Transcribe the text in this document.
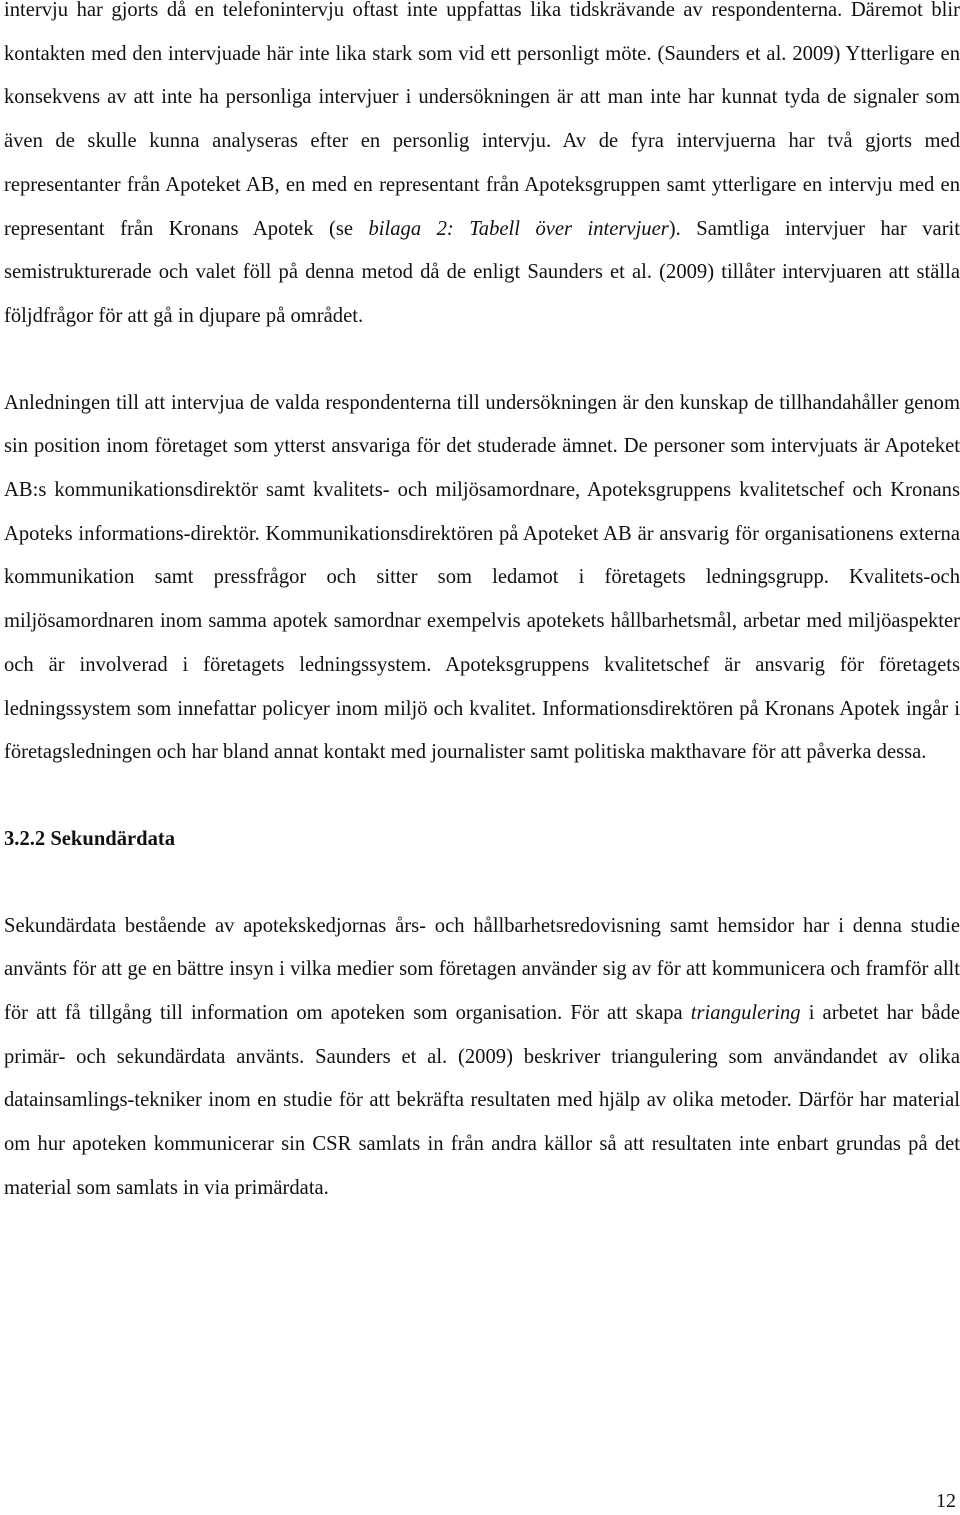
intervju har gjorts då en telefonintervju oftast inte uppfattas lika tidskrävande av respondenterna. Däremot blir kontakten med den intervjuade här inte lika stark som vid ett personligt möte. (Saunders et al. 2009) Ytterligare en konsekvens av att inte ha personliga intervjuer i undersökningen är att man inte har kunnat tyda de signaler som även de skulle kunna analyseras efter en personlig intervju. Av de fyra intervjuerna har två gjorts med representanter från Apoteket AB, en med en representant från Apoteksgruppen samt ytterligare en intervju med en representant från Kronans Apotek (se bilaga 2: Tabell över intervjuer). Samtliga intervjuer har varit semistrukturerade och valet föll på denna metod då de enligt Saunders et al. (2009) tillåter intervjuaren att ställa följdfrågor för att gå in djupare på området.

Anledningen till att intervjua de valda respondenterna till undersökningen är den kunskap de tillhandahåller genom sin position inom företaget som ytterst ansvariga för det studerade ämnet. De personer som intervjuats är Apoteket AB:s kommunikationsdirektör samt kvalitets- och miljösamordnare, Apoteksgruppens kvalitetschef och Kronans Apoteks informations-direktör. Kommunikationsdirektören på Apoteket AB är ansvarig för organisationens externa kommunikation samt pressfrågor och sitter som ledamot i företagets ledningsgrupp. Kvalitets-och miljösamordnaren inom samma apotek samordnar exempelvis apotekets hållbarhetsmål, arbetar med miljöaspekter och är involverad i företagets ledningssystem. Apoteksgruppens kvalitetschef är ansvarig för företagets ledningssystem som innefattar policyer inom miljö och kvalitet. Informationsdirektören på Kronans Apotek ingår i företagsledningen och har bland annat kontakt med journalister samt politiska makthavare för att påverka dessa.

3.2.2 Sekundärdata

Sekundärdata bestående av apotekskedjornas års- och hållbarhetsredovisning samt hemsidor har i denna studie använts för att ge en bättre insyn i vilka medier som företagen använder sig av för att kommunicera och framför allt för att få tillgång till information om apoteken som organisation. För att skapa triangulering i arbetet har både primär- och sekundärdata använts. Saunders et al. (2009) beskriver triangulering som användandet av olika datainsamlings-tekniker inom en studie för att bekräfta resultaten med hjälp av olika metoder. Därför har material om hur apoteken kommunicerar sin CSR samlats in från andra källor så att resultaten inte enbart grundas på det material som samlats in via primärdata.

12
